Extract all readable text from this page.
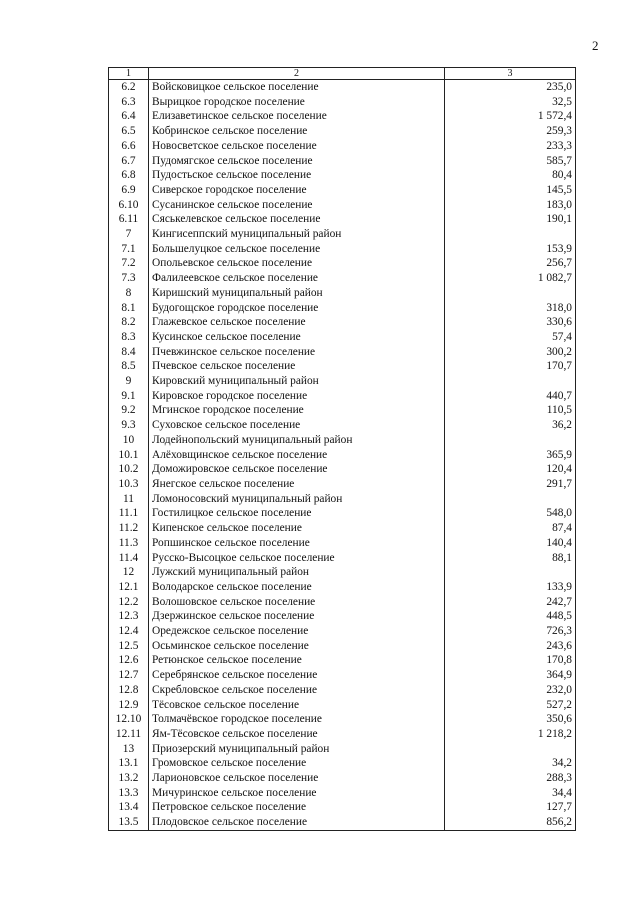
2
1	2	3
6.2	Войсковицкое сельское поселение	235,0
6.3	Вырицкое городское поселение	32,5
6.4	Елизаветинское сельское поселение	1 572,4
6.5	Кобринское сельское поселение	259,3
6.6	Новосветское сельское поселение	233,3
6.7	Пудомягское сельское поселение	585,7
6.8	Пудостьское сельское поселение	80,4
6.9	Сиверское городское поселение	145,5
6.10	Сусанинское сельское поселение	183,0
6.11	Сяськелевское сельское поселение	190,1
7	Кингисеппский муниципальный район	
7.1	Большелуцкое сельское поселение	153,9
7.2	Опольевское сельское поселение	256,7
7.3	Фалилеевское сельское поселение	1 082,7
8	Киришский муниципальный район	
8.1	Будогощское городское поселение	318,0
8.2	Глажевское сельское поселение	330,6
8.3	Кусинское сельское поселение	57,4
8.4	Пчевжинское сельское поселение	300,2
8.5	Пчевское сельское поселение	170,7
9	Кировский муниципальный район	
9.1	Кировское городское поселение	440,7
9.2	Мгинское городское поселение	110,5
9.3	Суховское сельское поселение	36,2
10	Лодейнопольский муниципальный район	
10.1	Алёховщинское сельское поселение	365,9
10.2	Доможировское сельское поселение	120,4
10.3	Янегское сельское поселение	291,7
11	Ломоносовский муниципальный район	
11.1	Гостилицкое сельское поселение	548,0
11.2	Кипенское сельское поселение	87,4
11.3	Ропшинское сельское поселение	140,4
11.4	Русско-Высоцкое сельское поселение	88,1
12	Лужский муниципальный район	
12.1	Володарское сельское поселение	133,9
12.2	Волошовское сельское поселение	242,7
12.3	Дзержинское сельское поселение	448,5
12.4	Оредежское сельское поселение	726,3
12.5	Осьминское сельское поселение	243,6
12.6	Ретюнское сельское поселение	170,8
12.7	Серебрянское сельское поселение	364,9
12.8	Скребловское сельское поселение	232,0
12.9	Тёсовское сельское поселение	527,2
12.10	Толмачёвское городское поселение	350,6
12.11	Ям-Тёсовское сельское поселение	1 218,2
13	Приозерский муниципальный район	
13.1	Громовское сельское поселение	34,2
13.2	Ларионовское сельское поселение	288,3
13.3	Мичуринское сельское поселение	34,4
13.4	Петровское сельское поселение	127,7
13.5	Плодовское сельское поселение	856,2
